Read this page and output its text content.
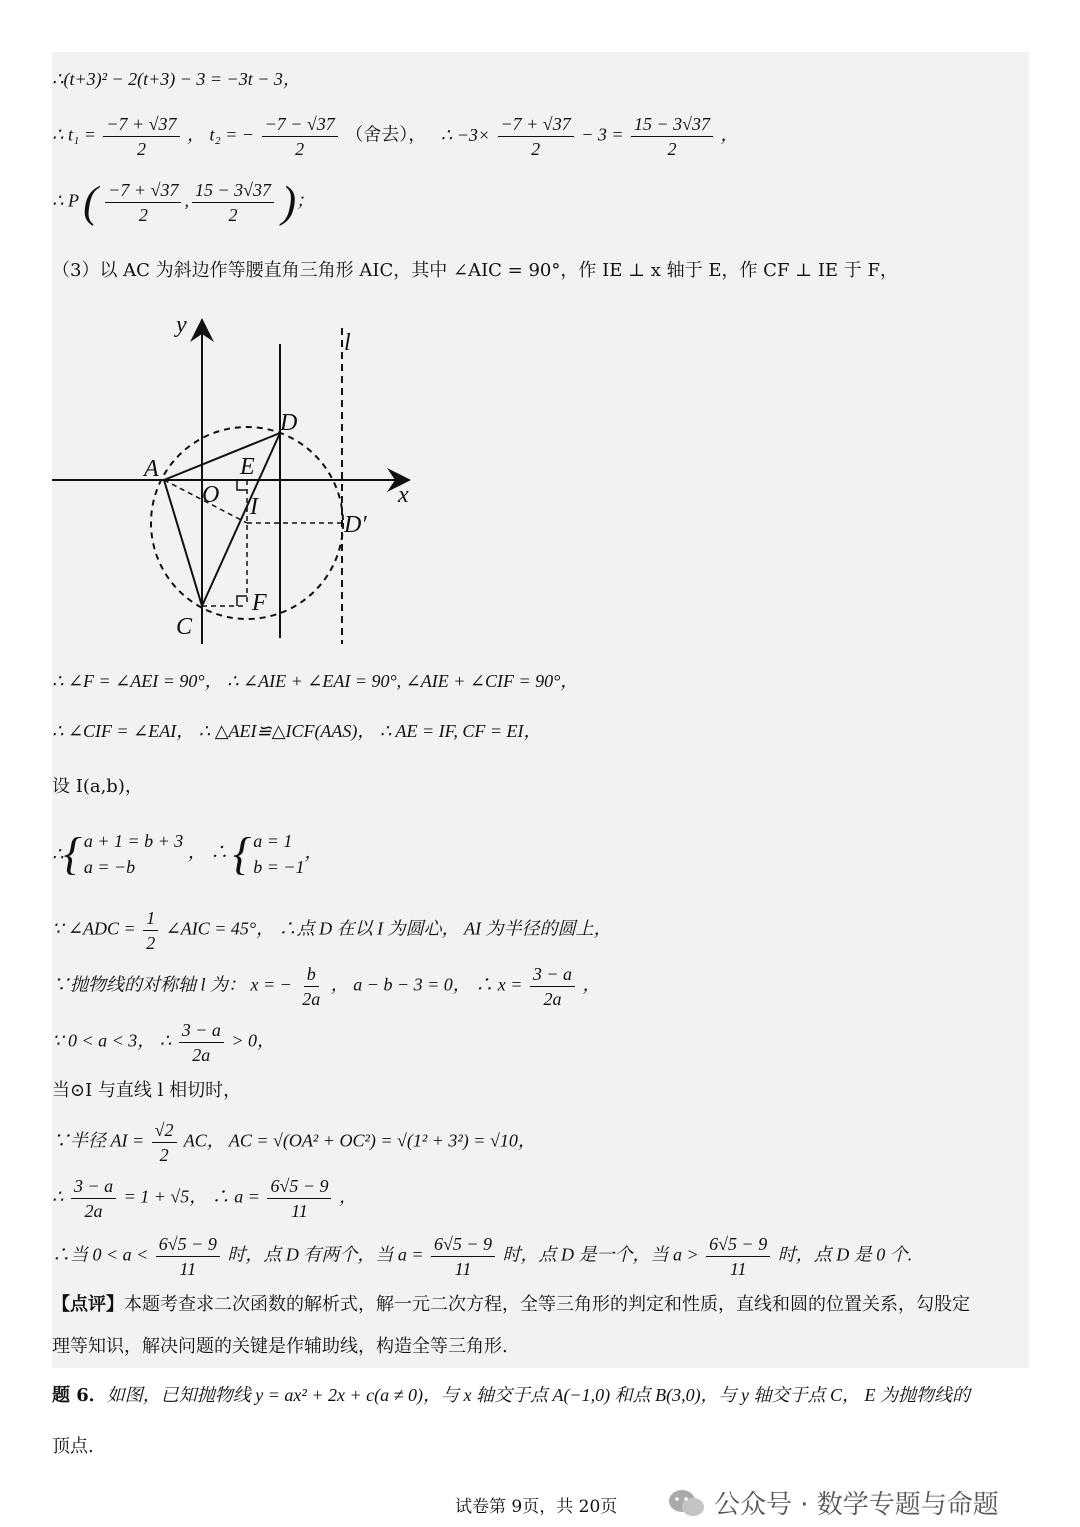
∴(t+3)² − 2(t+3) − 3 = −3t − 3，
∴ $t_1 = \frac{-7 + √37}{2}$ ， t₂ = − $\frac{-7 - √37}{2}$ （舍去）， ∴ $-3\times \frac{-7 + √37}{2} - 3 = \frac{15 - 3√37}{2}$ ，
∴ P ( $\frac{-7 + √37}{2}$ , $\frac{15 - 3√37}{2}$ )；
（3）以 AC 为斜边作等腰直角三角形 AIC，其中 ∠AIC = 90°，作 IE ⊥ x 轴于 E，作 CF ⊥ IE 于 F，
y
l
D
A	E
O I	x
D′
F
C
∴ ∠F = ∠AEI = 90°， ∴ ∠AIE + ∠EAI = 90°, ∠AIE + ∠CIF = 90°，
∴ ∠CIF = ∠EAI， ∴ △AEI≌△ICF(AAS)， ∴ AE = IF, CF = EI，
设 I(a,b)，
∴ { a + 1 = b + 3
a = −b
， ∴ { a = 1
b = −1
，
∵ ∠ADC = $\frac{1}{2}$ ∠AIC = 45°， ∴点 D 在以 I 为圆心， AI 为半径的圆上，
∵抛物线的对称轴 l 为： x = − $\frac{b}{2a}$ ， a − b − 3 = 0， ∴ $x = \frac{3 - a}{2a}$ ，
∵ 0 < a < 3， ∴ $\frac{3 - a}{2a} > 0$，
当⊙I 与直线 l 相切时，
∵半径 AI = $\frac{√2}{2}$ AC， AC = √(OA² + OC²) = √(1² + 3²) = √10，
∴ $\frac{3 - a}{2a} = 1 + √5$， ∴ $a = \frac{6√5 - 9}{11}$ ，
∴当 $0 < a < \frac{6√5 - 9}{11}$ 时，点 D 有两个，当 $a = \frac{6√5 - 9}{11}$ 时，点 D 是一个，当 $a > \frac{6√5 - 9}{11}$ 时，点 D 是 0 个.
【点评】本题考查求二次函数的解析式，解一元二次方程，全等三角形的判定和性质，直线和圆的位置关系，勾股定
理等知识，解决问题的关键是作辅助线，构造全等三角形.
题 6．如图，已知抛物线 y = ax² + 2x + c(a ≠ 0)，与 x 轴交于点 A(−1,0) 和点 B(3,0)，与 y 轴交于点 C， E 为抛物线的
顶点.
试卷第 9页，共 20页	公众号 · 数学专题与命题
